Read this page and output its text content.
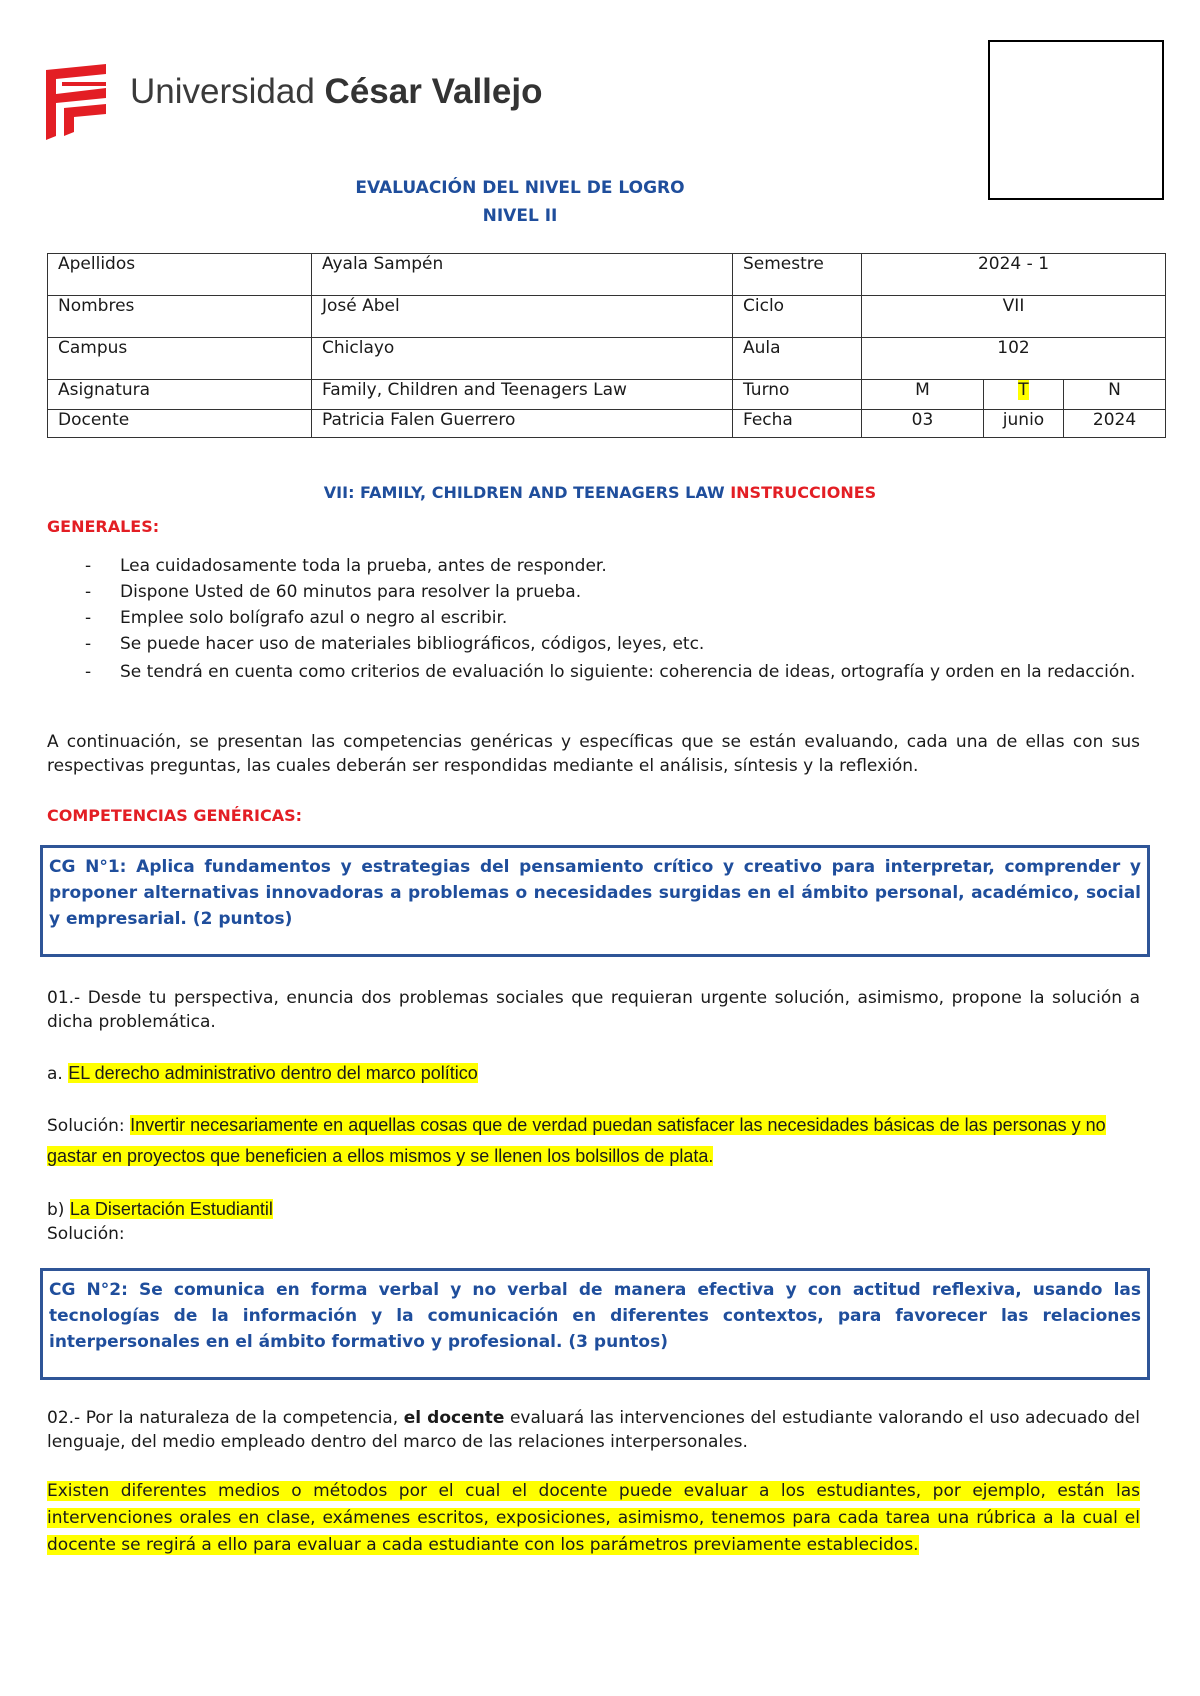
Universidad César Vallejo
EVALUACIÓN DEL NIVEL DE LOGRO
NIVEL II
Apellidos	Ayala Sampén	Semestre	2024 - 1		
Nombres	José Abel	Ciclo	VII		
Campus	Chiclayo	Aula	102		
Asignatura	Family, Children and Teenagers Law	Turno	M	T	N
Docente	Patricia Falen Guerrero	Fecha	03	junio	2024
VII: FAMILY, CHILDREN AND TEENAGERS LAW INSTRUCCIONES
GENERALES:
- Lea cuidadosamente toda la prueba, antes de responder.
- Dispone Usted de 60 minutos para resolver la prueba.
- Emplee solo bolígrafo azul o negro al escribir.
- Se puede hacer uso de materiales bibliográficos, códigos, leyes, etc.
- Se tendrá en cuenta como criterios de evaluación lo siguiente: coherencia de ideas, ortografía y orden en la redacción.
A continuación, se presentan las competencias genéricas y específicas que se están evaluando, cada una de ellas con sus respectivas preguntas, las cuales deberán ser respondidas mediante el análisis, síntesis y la reflexión.
COMPETENCIAS GENÉRICAS:

CG N°1: Aplica fundamentos y estrategias del pensamiento crítico y creativo para interpretar, comprender y proponer alternativas innovadoras a problemas o necesidades surgidas en el ámbito personal, académico, social y empresarial. (2 puntos)

01.- Desde tu perspectiva, enuncia dos problemas sociales que requieran urgente solución, asimismo, propone la solución a dicha problemática.
a. EL derecho administrativo dentro del marco político
Solución: Invertir necesariamente en aquellas cosas que de verdad puedan satisfacer las necesidades básicas de las personas y no gastar en proyectos que beneficien a ellos mismos y se llenen los bolsillos de plata.
b) La Disertación Estudiantil
Solución:

CG N°2: Se comunica en forma verbal y no verbal de manera efectiva y con actitud reflexiva, usando las tecnologías de la información y la comunicación en diferentes contextos, para favorecer las relaciones interpersonales en el ámbito formativo y profesional. (3 puntos)

02.- Por la naturaleza de la competencia, el docente evaluará las intervenciones del estudiante valorando el uso adecuado del lenguaje, del medio empleado dentro del marco de las relaciones interpersonales.
Existen diferentes medios o métodos por el cual el docente puede evaluar a los estudiantes, por ejemplo, están las intervenciones orales en clase, exámenes escritos, exposiciones, asimismo, tenemos para cada tarea una rúbrica a la cual el docente se regirá a ello para evaluar a cada estudiante con los parámetros previamente establecidos.
